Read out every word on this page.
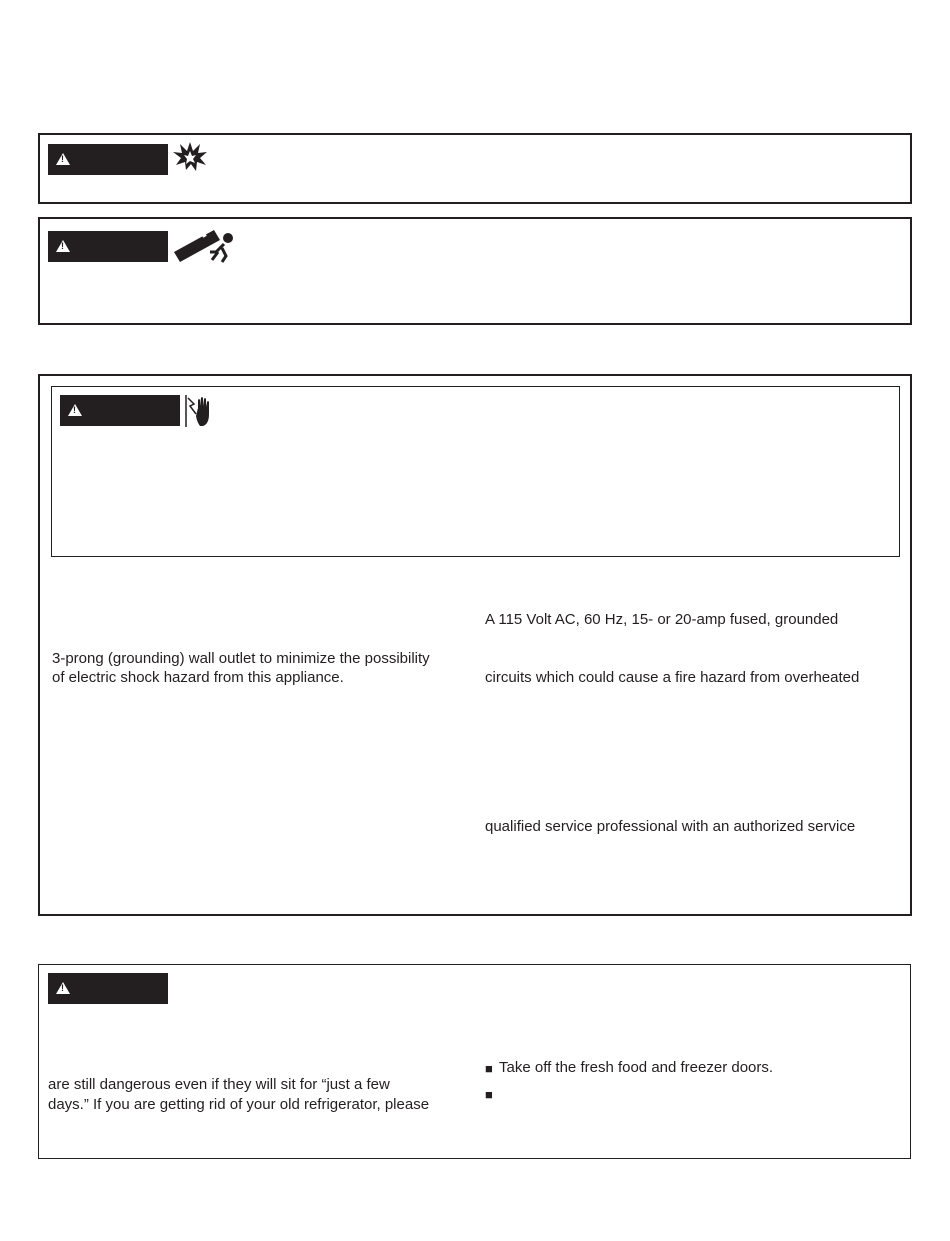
!
!
!
3-prong (grounding) wall outlet to minimize the possibility
of electric shock hazard from this appliance.
A 115 Volt AC, 60 Hz, 15- or 20-amp fused, grounded
circuits which could cause a fire hazard from overheated
qualified service professional with an authorized service
!
are still dangerous even if they will sit for “just a few
days.” If you are getting rid of your old refrigerator, please
■ Take off the fresh food and freezer doors.
■
